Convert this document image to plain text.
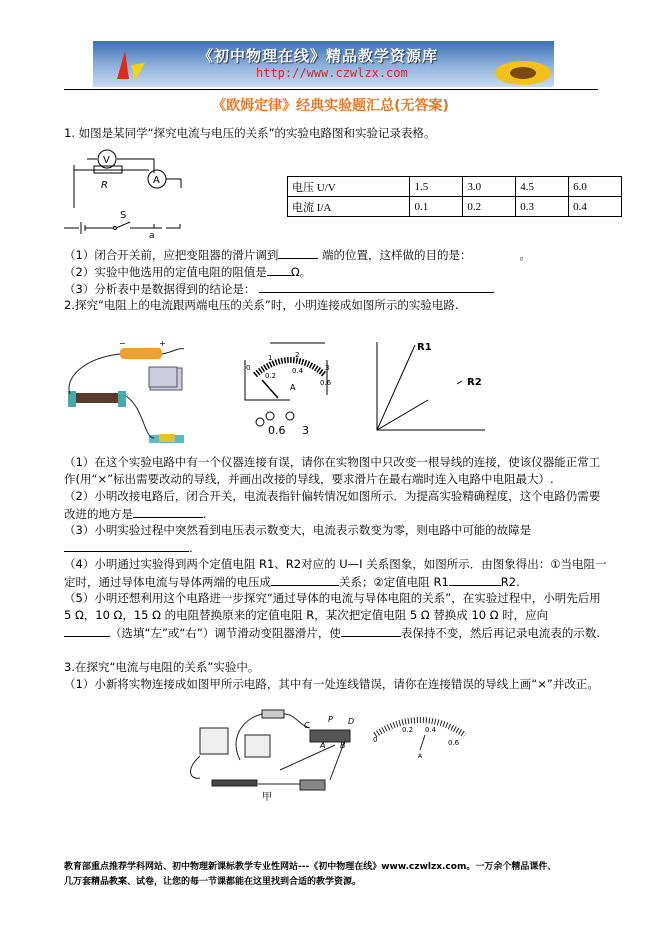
《初中物理在线》精品教学资源库
http://www.czwlzx.com
《欧姆定律》经典实验题汇总(无答案)
1. 如图是某同学“探究电流与电压的关系”的实验电路图和实验记录表格。
V
A
R
S
a
电压 U/V	1.5	3.0	4.5	6.0
电流 I/A	0.1	0.2	0.3	0.4
（1）闭合开关前，应把变阻器的滑片调到	端的位置，这样做的目的是：	。
（2）实验中他选用的定值电阻的阻值是 Ω。
（3）分析表中是数据得到的结论是：
2.探究“电阻上的电流跟两端电压的关系”时，小明连接成如图所示的实验电路.
−	+
0
1	2
3
0.2
0.4
0.6
A
0.6 3
R1
R2
（1）在这个实验电路中有一个仪器连接有误，请你在实物图中只改变一根导线的连接，使该仪器能正常工作(用“×”标出需要改动的导线，并画出改接的导线，要求滑片在最右端时连入电路中电阻最大）.
（2）小明改接电路后，闭合开关，电流表指针偏转情况如图所示．为提高实验精确程度，这个电路仍需要改进的地方是	.
（3）小明实验过程中突然看到电压表示数变大，电流表示数变为零，则电路中可能的故障是
.
（4）小明通过实验得到两个定值电阻 R1、R2对应的 U—I 关系图象，如图所示．由图象得出：①当电阻一定时，通过导体电流与导体两端的电压成	关系；②定值电阻 R1	R2.
（5）小明还想利用这个电路进一步探究“通过导体的电流与导体电阻的关系”，在实验过程中，小明先后用 5 Ω，10 Ω，15 Ω 的电阻替换原来的定值电阻 R，某次把定值电阻 5 Ω 替换成 10 Ω 时，应向
（选填“左”或“右”）调节滑动变阻器滑片，使	表保持不变，然后再记录电流表的示数.
3.在探究“电流与电阻的关系”实验中。
（1）小新将实物连接成如图甲所示电路，其中有一处连线错误，请你在连接错误的导线上画“×”并改正。
C
P D
A B
甲
0
0.2 0.4
0.6
A
教育部重点推荐学科网站、初中物理新课标教学专业性网站---《初中物理在线》www.czwlzx.com。一万余个精品课件、
几万套精品教案、试卷，让您的每一节课都能在这里找到合适的教学资源。
